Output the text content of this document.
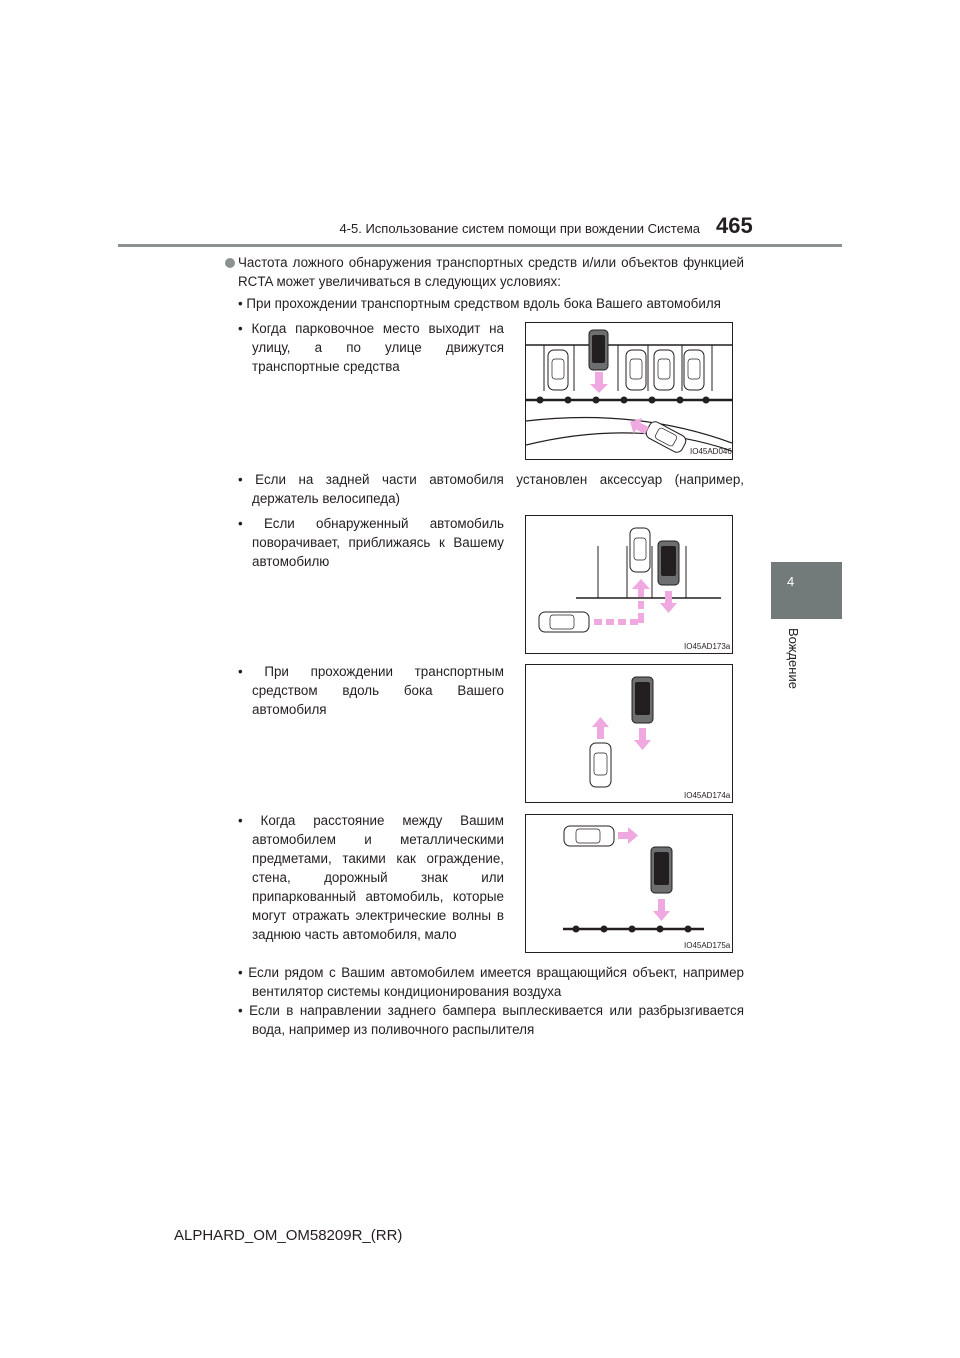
4-5. Использование систем помощи при вождении Система 465
4
Вождение
Частота ложного обнаружения транспортных средств и/или объектов функцией
RCTA может увеличиваться в следующих условиях:
• При прохождении транспортным средством вдоль бока Вашего автомобиля
• Когда парковочное место выходит на
улицу, а по улице движутся
транспортные средства
IO45AD046
• Если на задней части автомобиля установлен аксессуар (например,
держатель велосипеда)
• Если обнаруженный автомобиль
поворачивает, приближаясь к Вашему
автомобилю
IO45AD173a
• При прохождении транспортным
средством вдоль бока Вашего
автомобиля
IO45AD174a
• Когда расстояние между Вашим
автомобилем и металлическими
предметами, такими как ограждение,
стена, дорожный знак или
припаркованный автомобиль, которые
могут отражать электрические волны в
заднюю часть автомобиля, мало
IO45AD175a
• Если рядом с Вашим автомобилем имеется вращающийся объект, например
вентилятор системы кондиционирования воздуха
• Если в направлении заднего бампера выплескивается или разбрызгивается
вода, например из поливочного распылителя
ALPHARD_OM_OM58209R_(RR)
